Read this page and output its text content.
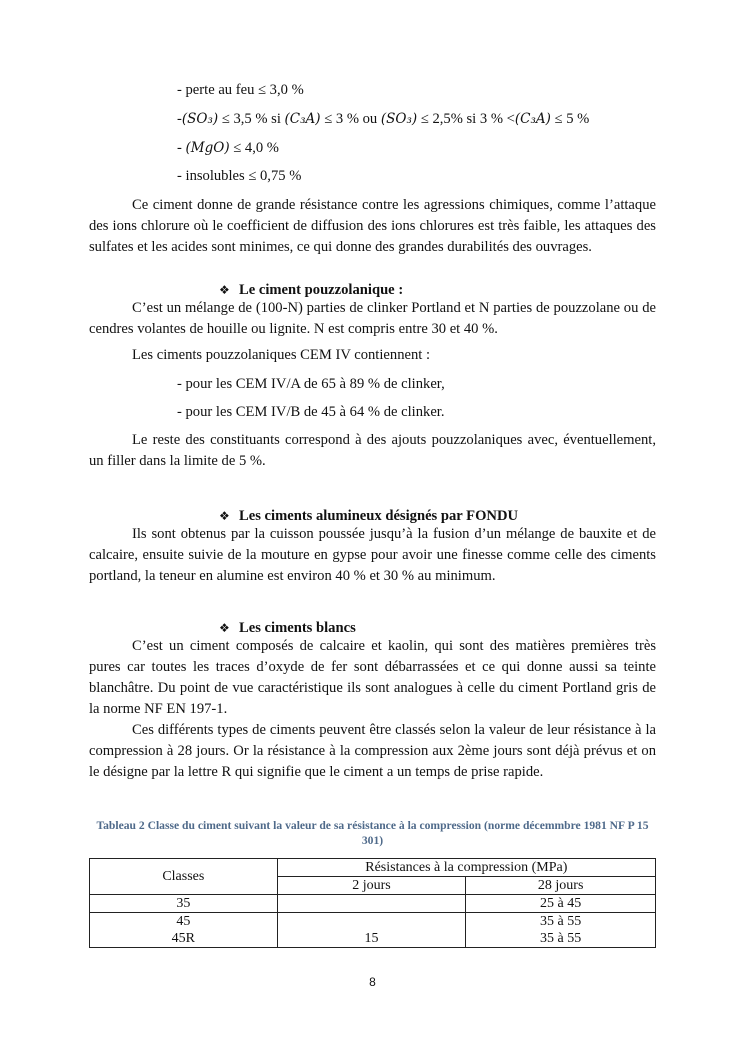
- perte au feu ≤ 3,0 %
-(SO₃) ≤ 3,5 % si (C₃A) ≤ 3 % ou (SO₃) ≤ 2,5% si 3 % <(C₃A) ≤ 5 %
- (MgO) ≤ 4,0 %
- insolubles ≤ 0,75 %

Ce ciment donne de grande résistance contre les agressions chimiques, comme l’attaque des ions chlorure où le coefficient de diffusion des ions chlorures est très faible, les attaques des sulfates et les acides sont minimes, ce qui donne des grandes durabilités des ouvrages.

❖ Le ciment pouzzolanique :

C’est un mélange de (100-N) parties de clinker Portland et N parties de pouzzolane ou de cendres volantes de houille ou lignite. N est compris entre 30 et 40 %.

Les ciments pouzzolaniques CEM IV contiennent :

- pour les CEM IV/A de 65 à 89 % de clinker,
- pour les CEM IV/B de 45 à 64 % de clinker.

Le reste des constituants correspond à des ajouts pouzzolaniques avec, éventuellement, un filler dans la limite de 5 %.

❖ Les ciments alumineux désignés par FONDU

Ils sont obtenus par la cuisson poussée jusqu’à la fusion d’un mélange de bauxite et de calcaire, ensuite suivie de la mouture en gypse pour avoir une finesse comme celle des ciments portland, la teneur en alumine est environ 40 % et 30 % au minimum.

❖ Les ciments blancs

C’est un ciment composés de calcaire et kaolin, qui sont des matières premières très pures car toutes les traces d’oxyde de fer sont débarrassées et ce qui donne aussi sa teinte blanchâtre. Du point de vue caractéristique ils sont analogues à celle du ciment Portland gris de la norme NF EN 197-1.

Ces différents types de ciments peuvent être classés selon la valeur de leur résistance à la compression à 28 jours. Or la résistance à la compression aux 2ème jours sont déjà prévus et on le désigne par la lettre R qui signifie que le ciment a un temps de prise rapide.

Tableau 2 Classe du ciment suivant la valeur de sa résistance à la compression (norme décemmbre 1981 NF P 15 301)
Classes	Résistances à la compression (MPa)	
	2 jours	28 jours
35		25 à 45
45		35 à 55
45R	15	35 à 55
8
